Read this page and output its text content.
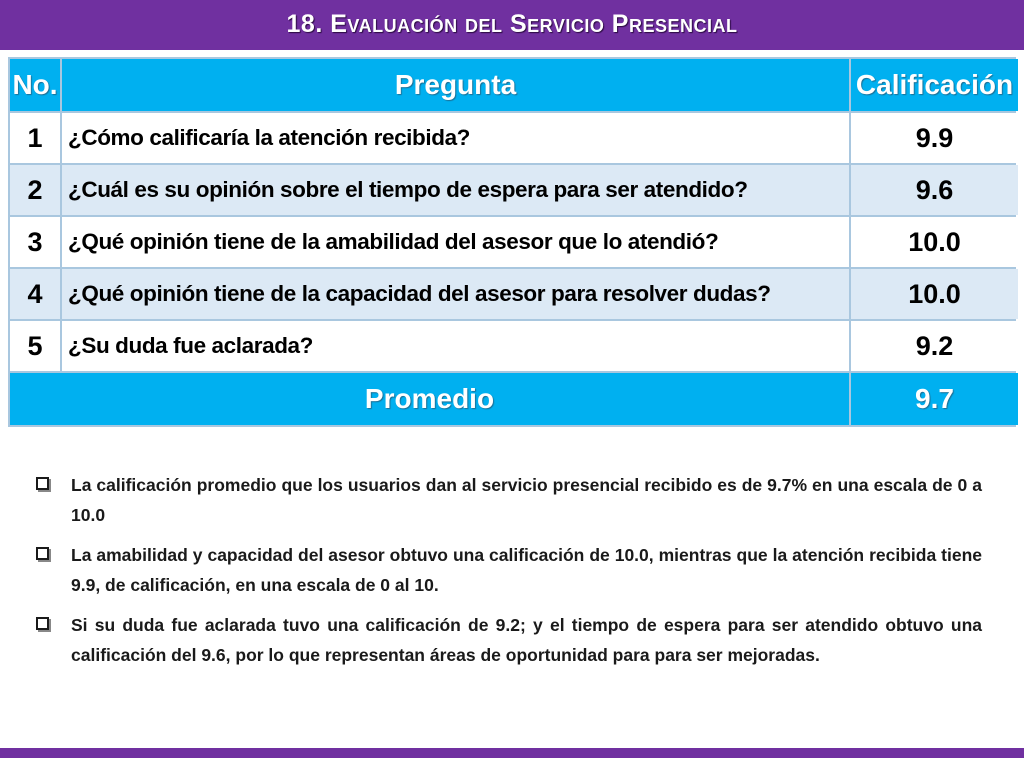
18. Evaluación del Servicio Presencial
No.	Pregunta	Calificación
1	¿Cómo calificaría la atención recibida?	9.9
2	¿Cuál es su opinión sobre el tiempo de espera para ser atendido?	9.6
3	¿Qué opinión tiene de la amabilidad del asesor que lo atendió?	10.0
4	¿Qué opinión tiene de la capacidad del asesor para resolver dudas?	10.0
5	¿Su duda fue aclarada?	9.2
Promedio	9.7
La calificación promedio que los usuarios dan al servicio presencial recibido es de 9.7% en una escala de 0 a 10.0
La amabilidad y capacidad del asesor obtuvo una calificación de 10.0, mientras que la atención recibida tiene 9.9, de calificación, en una escala de 0 al 10.
Si su duda fue aclarada tuvo una calificación de 9.2; y el tiempo de espera para ser atendido obtuvo una calificación del 9.6, por lo que representan áreas de oportunidad para para ser mejoradas.
